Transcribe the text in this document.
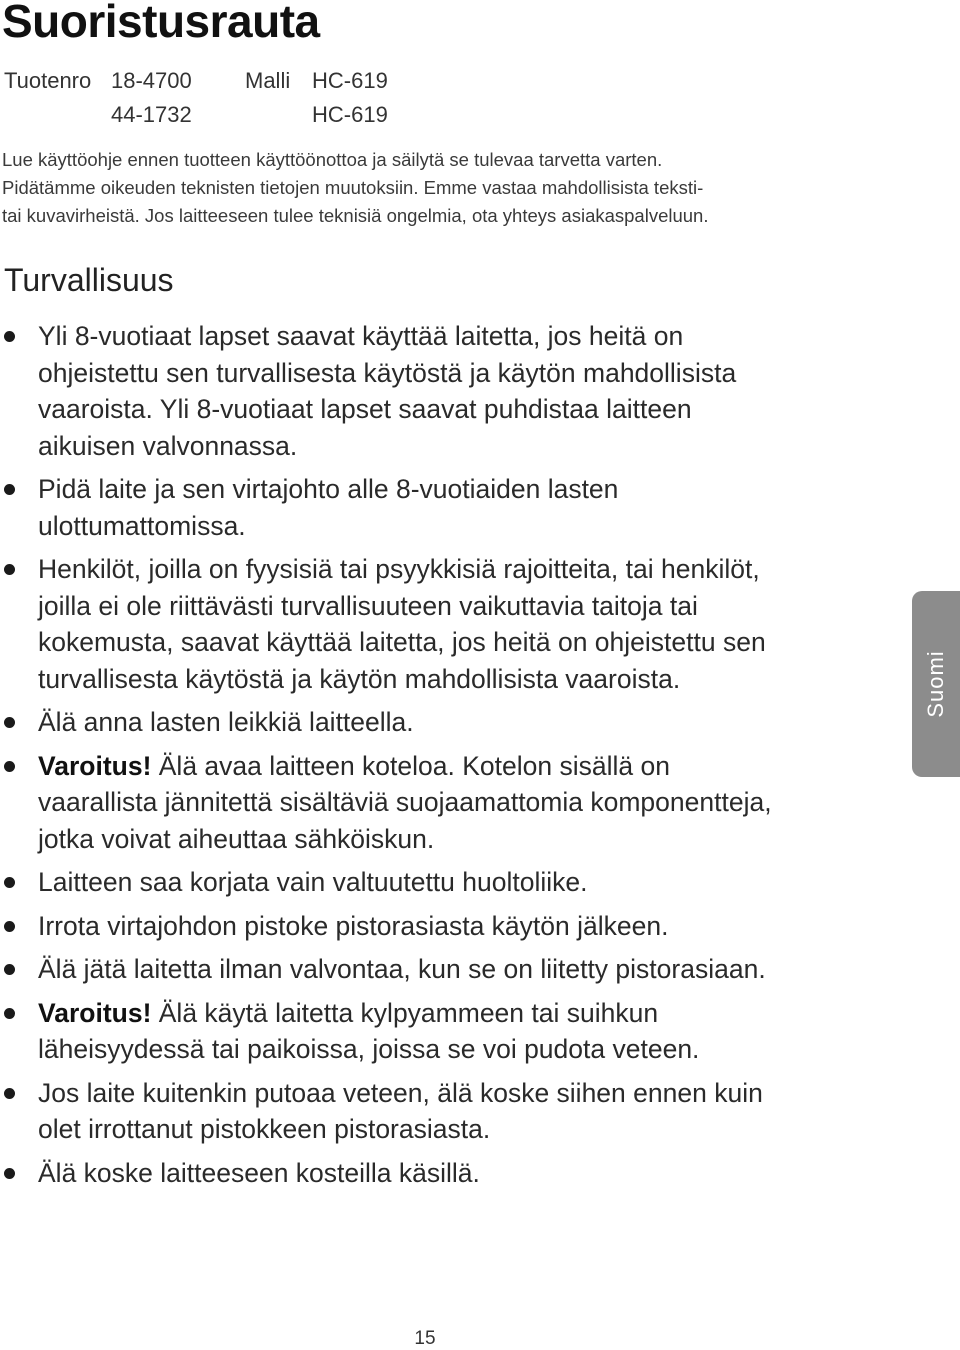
Suoristusrauta
Tuotenro 18-4700 Malli HC-619
44-1732	HC-619
Lue käyttöohje ennen tuotteen käyttöönottoa ja säilytä se tulevaa tarvetta varten.
Pidätämme oikeuden teknisten tietojen muutoksiin. Emme vastaa mahdollisista teksti-
tai kuvavirheistä. Jos laitteeseen tulee teknisiä ongelmia, ota yhteys asiakaspalveluun.
Turvallisuus
Yli 8-vuotiaat lapset saavat käyttää laitetta, jos heitä on
ohjeistettu sen turvallisesta käytöstä ja käytön mahdollisista
vaaroista. Yli 8-vuotiaat lapset saavat puhdistaa laitteen
aikuisen valvonnassa.
Pidä laite ja sen virtajohto alle 8-vuotiaiden lasten
ulottumattomissa.
Henkilöt, joilla on fyysisiä tai psyykkisiä rajoitteita, tai henkilöt,
joilla ei ole riittävästi turvallisuuteen vaikuttavia taitoja tai
kokemusta, saavat käyttää laitetta, jos heitä on ohjeistettu sen
turvallisesta käytöstä ja käytön mahdollisista vaaroista.
Älä anna lasten leikkiä laitteella.
Varoitus! Älä avaa laitteen koteloa. Kotelon sisällä on
vaarallista jännitettä sisältäviä suojaamattomia komponentteja,
jotka voivat aiheuttaa sähköiskun.
Laitteen saa korjata vain valtuutettu huoltoliike.
Irrota virtajohdon pistoke pistorasiasta käytön jälkeen.
Älä jätä laitetta ilman valvontaa, kun se on liitetty pistorasiaan.
Varoitus! Älä käytä laitetta kylpyammeen tai suihkun
läheisyydessä tai paikoissa, joissa se voi pudota veteen.
Jos laite kuitenkin putoaa veteen, älä koske siihen ennen kuin
olet irrottanut pistokkeen pistorasiasta.
Älä koske laitteeseen kosteilla käsillä.
Suomi
15
